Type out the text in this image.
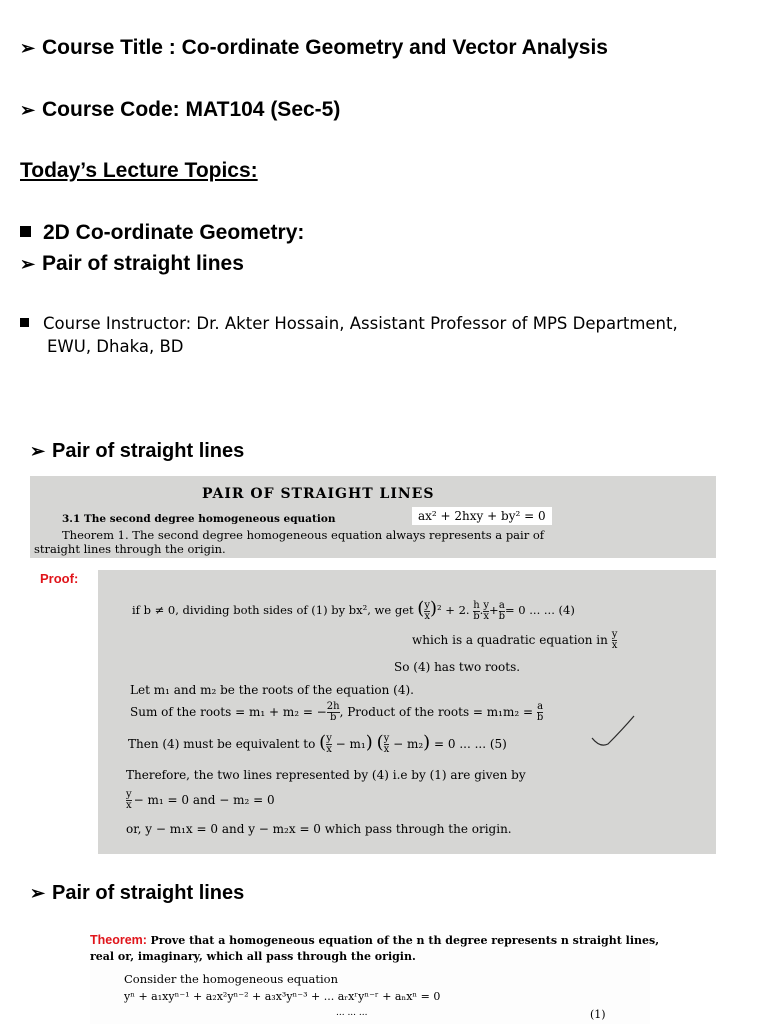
➢ Course Title : Co-ordinate Geometry and Vector Analysis
➢ Course Code: MAT104 (Sec-5)
Today’s Lecture Topics:
2D Co-ordinate Geometry:
➢ Pair of straight lines
Course Instructor: Dr. Akter Hossain, Assistant Professor of MPS Department,
EWU, Dhaka, BD
➢ Pair of straight lines
PAIR OF STRAIGHT LINES
3.1 The second degree homogeneous equation	ax² + 2hxy + by² = 0
Theorem 1. The second degree homogeneous equation always represents a pair of
straight lines through the origin.
Proof:
if b ≠ 0, dividing both sides of (1) by bx², we get ( $\frac{y}{x} )^2 + 2$. $\frac{h}{b}$ . $\frac{y}{x} + \frac{a}{b} = 0$ ... ... (4)
which is a quadratic equation in $\frac{y}{x}$
So (4) has two roots.
Let m₁ and m₂ be the roots of the equation (4).
Sum of the roots = m₁ + m₂ = − $\frac{2h}{b}$ , Product of the roots = $m_1m_2 = \frac{a}{b}$
Then (4) must be equivalent to ( $\frac{y}{x} - m_1$) ( $\frac{y}{x} - m_2) = 0$ ... ... (5)
Therefore, the two lines represented by (4) i.e by (1) are given by
$\frac{y}{x} - m_1 = 0$ and − m₂ = 0
or, y − m₁x = 0 and y − m₂x = 0 which pass through the origin.
➢ Pair of straight lines
Theorem: Prove that a homogeneous equation of the n th degree represents n straight lines,
real or, imaginary, which all pass through the origin.
Consider the homogeneous equation
yⁿ + a₁xyⁿ⁻¹ + a₂x²yⁿ⁻² + a₃x³yⁿ⁻³ + ... aᵣxʳyⁿ⁻ʳ + aₙxⁿ = 0
... ... ...	(1)
